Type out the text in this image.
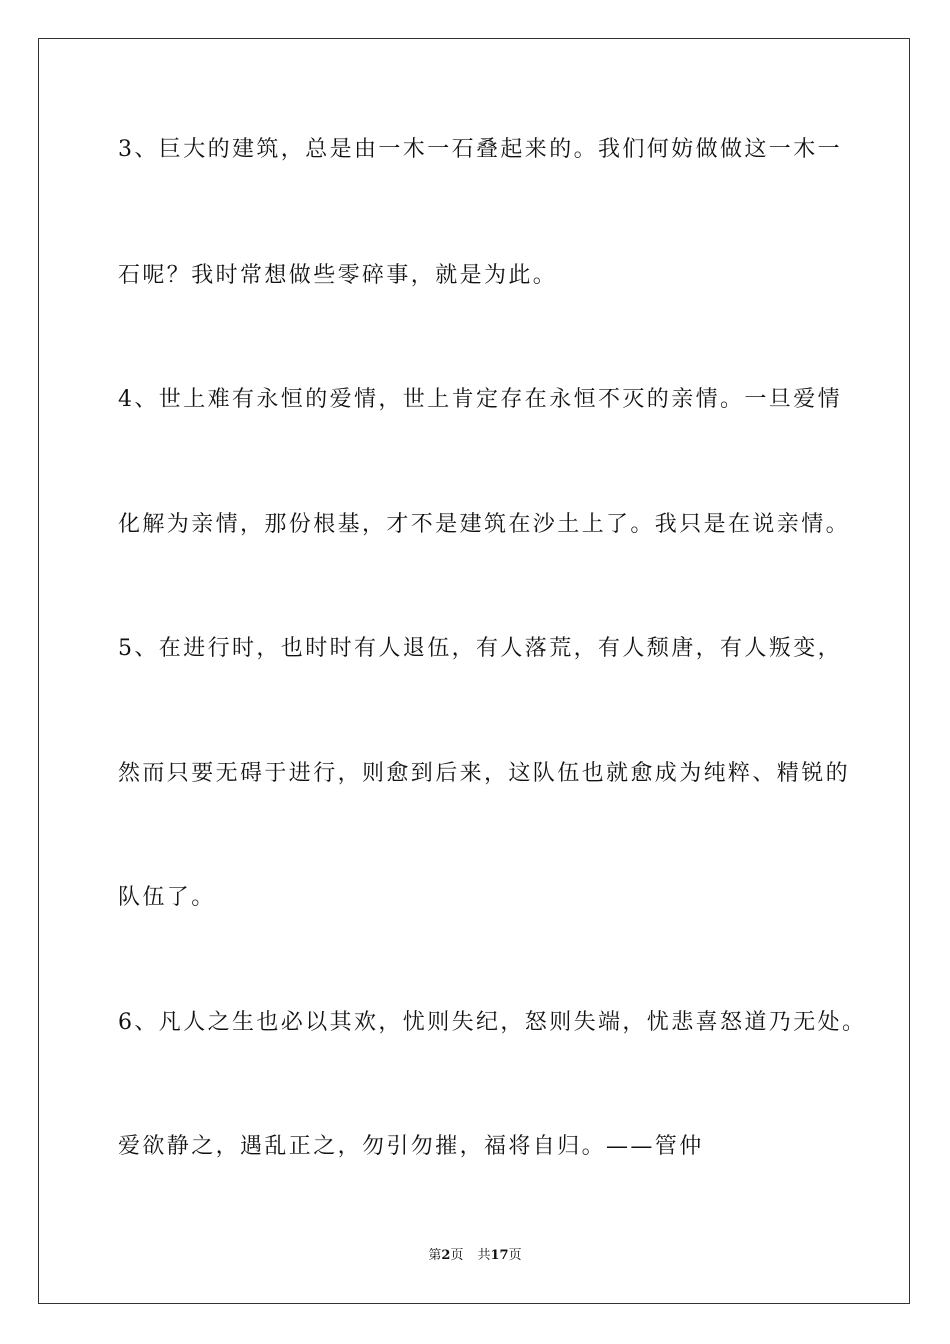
3、巨大的建筑，总是由一木一石叠起来的。我们何妨做做这一木一
石呢？我时常想做些零碎事，就是为此。
4、世上难有永恒的爱情，世上肯定存在永恒不灭的亲情。一旦爱情
化解为亲情，那份根基，才不是建筑在沙土上了。我只是在说亲情。
5、在进行时，也时时有人退伍，有人落荒，有人颓唐，有人叛变，
然而只要无碍于进行，则愈到后来，这队伍也就愈成为纯粹、精锐的
队伍了。
6、凡人之生也必以其欢，忧则失纪，怒则失端，忧悲喜怒道乃无处。
爱欲静之，遇乱正之，勿引勿摧，福将自归。——管仲
第2页 共17页
